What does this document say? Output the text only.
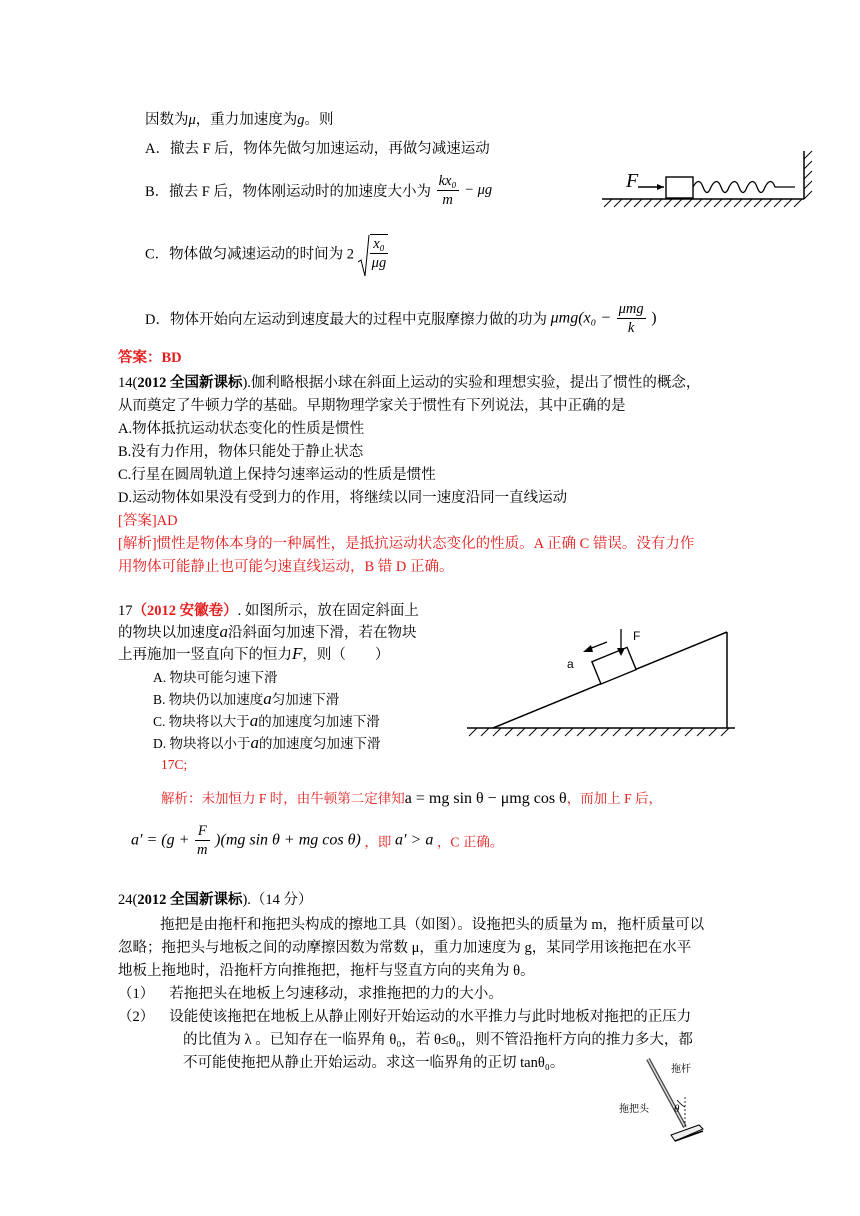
因数为μ，重力加速度为g。则
A．撤去 F 后，物体先做匀加速运动，再做匀减速运动
B．撤去 F 后，物体刚运动时的加速度大小为 $\frac{\text{kx₀}}{m} - \mu g$
C．物体做匀减速运动的时间为 $2 \frac{\text{x₀}}{\mu g}$
D．物体开始向左运动到速度最大的过程中克服摩擦力做的功为 $\mu mg(x_0 - \frac{\text{μmg}}{k}$ )
答案：BD
F
14(2012 全国新课标).伽利略根据小球在斜面上运动的实验和理想实验，提出了惯性的概念，
从而奠定了牛顿力学的基础。早期物理学家关于惯性有下列说法，其中正确的是
A.物体抵抗运动状态变化的性质是惯性
B.没有力作用，物体只能处于静止状态
C.行星在圆周轨道上保持匀速率运动的性质是惯性
D.运动物体如果没有受到力的作用，将继续以同一速度沿同一直线运动
[答案]AD
[解析]惯性是物体本身的一种属性，是抵抗运动状态变化的性质。A 正确 C 错误。没有力作
用物体可能静止也可能匀速直线运动，B 错 D 正确。
17（2012 安徽卷）. 如图所示，放在固定斜面上
的物块以加速度a沿斜面匀加速下滑，若在物块
上再施加一竖直向下的恒力F，则（　　）
A. 物块可能匀速下滑
B. 物块仍以加速度a匀加速下滑
C. 物块将以大于a的加速度匀加速下滑
D. 物块将以小于a的加速度匀加速下滑
17C;
解析：未加恒力 F 时，由牛顿第二定律知a = mg sin θ − μmg cos θ，而加上 F 后，
$a' = (g + \frac{F}{m} )(mg$ sin θ + mg cos θ) ，即 a′ > a ，C 正确。
F
a
24(2012 全国新课标).（14 分）
拖把是由拖杆和拖把头构成的擦地工具（如图）。设拖把头的质量为 m，拖杆质量可以
忽略；拖把头与地板之间的动摩擦因数为常数 μ，重力加速度为 g，某同学用该拖把在水平
地板上拖地时，沿拖杆方向推拖把，拖杆与竖直方向的夹角为 θ。
（1） 若拖把头在地板上匀速移动，求推拖把的力的大小。
（2） 设能使该拖把在地板上从静止刚好开始运动的水平推力与此时地板对拖把的正压力
的比值为 λ 。已知存在一临界角 θ₀，若 θ≤θ₀，则不管沿拖杆方向的推力多大，都
不可能使拖把从静止开始运动。求这一临界角的正切 tanθ₀。
θ
拖杆
拖把头
